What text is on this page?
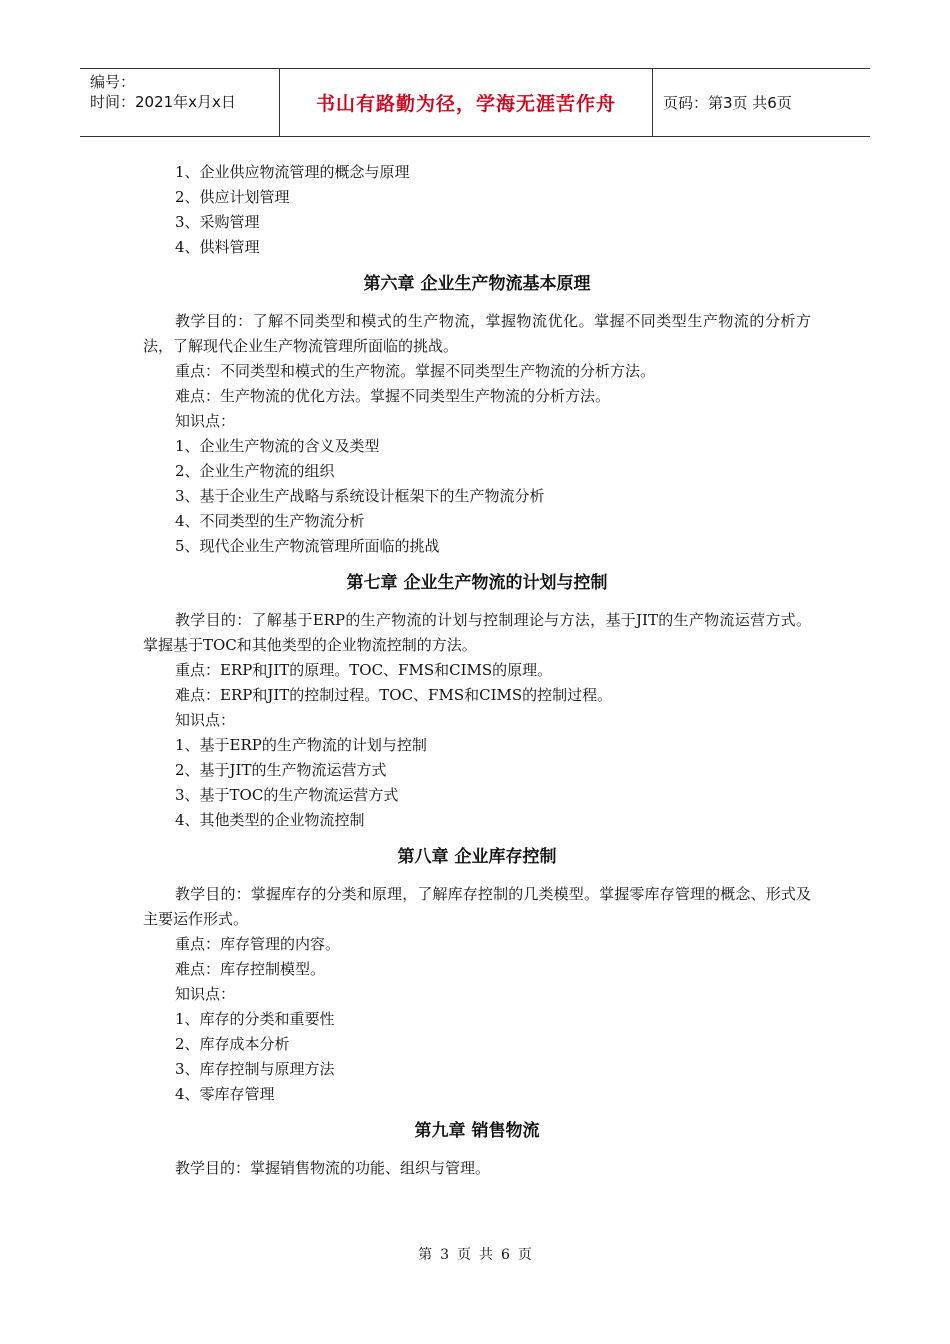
编号：
时间：2021年x月x日	书山有路勤为径，学海无涯苦作舟	页码：第3页 共6页
1、企业供应物流管理的概念与原理
2、供应计划管理
3、采购管理
4、供料管理
第六章 企业生产物流基本原理

教学目的：了解不同类型和模式的生产物流，掌握物流优化。掌握不同类型生产物流的分析方法，了解现代企业生产物流管理所面临的挑战。

重点：不同类型和模式的生产物流。掌握不同类型生产物流的分析方法。
难点：生产物流的优化方法。掌握不同类型生产物流的分析方法。
知识点：
1、企业生产物流的含义及类型
2、企业生产物流的组织
3、基于企业生产战略与系统设计框架下的生产物流分析
4、不同类型的生产物流分析
5、现代企业生产物流管理所面临的挑战
第七章 企业生产物流的计划与控制

教学目的：了解基于ERP的生产物流的计划与控制理论与方法，基于JIT的生产物流运营方式。掌握基于TOC和其他类型的企业物流控制的方法。

重点：ERP和JIT的原理。TOC、FMS和CIMS的原理。
难点：ERP和JIT的控制过程。TOC、FMS和CIMS的控制过程。
知识点：
1、基于ERP的生产物流的计划与控制
2、基于JIT的生产物流运营方式
3、基于TOC的生产物流运营方式
4、其他类型的企业物流控制
第八章 企业库存控制

教学目的：掌握库存的分类和原理，了解库存控制的几类模型。掌握零库存管理的概念、形式及主要运作形式。

重点：库存管理的内容。
难点：库存控制模型。
知识点：
1、库存的分类和重要性
2、库存成本分析
3、库存控制与原理方法
4、零库存管理
第九章 销售物流
教学目的：掌握销售物流的功能、组织与管理。
第 3 页 共 6 页
